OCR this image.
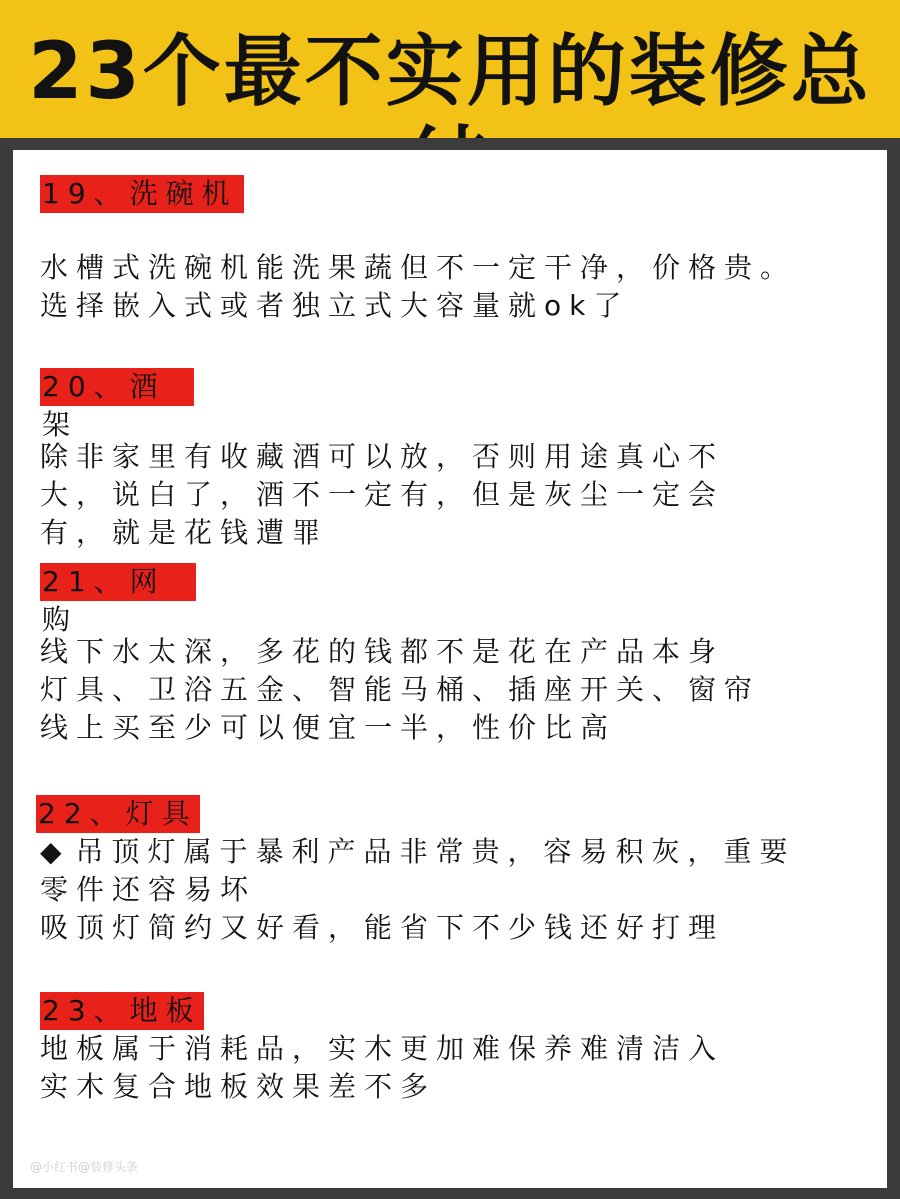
23个最不实用的装修总
19、洗碗机
水槽式洗碗机能洗果蔬但不一定干净，价格贵。
选择嵌入式或者独立式大容量就ok了
20、酒架
除非家里有收藏酒可以放，否则用途真心不
大，说白了，酒不一定有，但是灰尘一定会
有，就是花钱遭罪
21、网购
线下水太深，多花的钱都不是花在产品本身
灯具、卫浴五金、智能马桶、插座开关、窗帘
线上买至少可以便宜一半，性价比高
22、灯具
◆ 吊顶灯属于暴利产品非常贵，容易积灰，重要
零件还容易坏
吸顶灯简约又好看，能省下不少钱还好打理
23、地板
地板属于消耗品，实木更加难保养难清洁入
实木复合地板效果差不多
@小红书@装修头条
